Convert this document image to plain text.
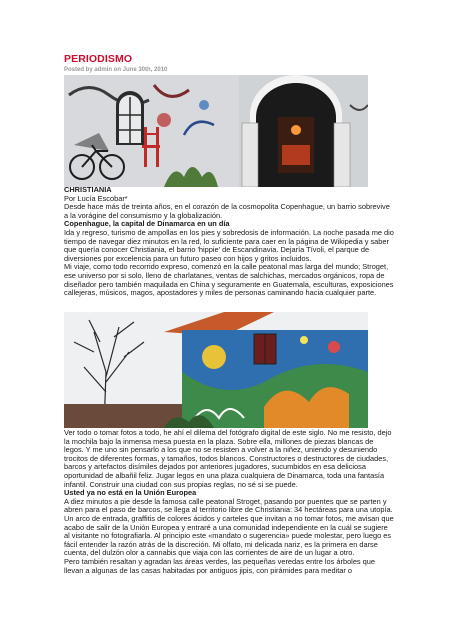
PERIODISMO
Posted by admin on June 30th, 2010

CHRISTIANIA

Por Lucía Escobar*

Desde hace más de treinta años, en el corazón de la cosmopolita Copenhague, un barrio sobrevive a la vorágine del consumismo y la globalización.

Copenhague, la capital de Dinamarca en un día

Ida y regreso, turismo de ampollas en los pies y sobredosis de información. La noche pasada me dio tiempo de navegar diez minutos en la red, lo suficiente para caer en la página de Wikipedia y saber que quería conocer Christiania, el barrio 'hippie' de Escandinavia. Dejaría Tívoli, el parque de diversiones por excelencia para un futuro paseo con hijos y gritos incluidos.

Mi viaje, como todo recorrido expreso, comenzó en la calle peatonal mas larga del mundo; Stroget, ese universo por si solo, lleno de charlatanes, ventas de salchichas, mercados orgánicos, ropa de diseñador pero también maquilada en China y seguramente en Guatemala, esculturas, exposiciones callejeras, músicos, magos, apostadores y miles de personas caminando hacia cualquier parte.

Ver todo o tomar fotos a todo, he ahí el dilema del fotógrafo digital de este siglo. No me resisto, dejo la mochila bajo la inmensa mesa puesta en la plaza. Sobre ella, millones de piezas blancas de legos. Y me uno sin pensarlo a los que no se resisten a volver a la niñez, uniendo y desuniendo trocitos de diferentes formas, y tamaños, todos blancos. Constructores o destructores de ciudades, barcos y artefactos disímiles dejados por anteriores jugadores, sucumbidos en esa deliciosa oportunidad de albañil feliz. Jugar legos en una plaza cualquiera de Dinamarca, toda una fantasía infantil. Construir una ciudad con sus propias reglas, no sé si se puede.

Usted ya no está en la Unión Europea

A diez minutos a pie desde la famosa calle peatonal Stroget, pasando por puentes que se parten y abren para el paso de barcos, se llega al territorio libre de Christiania: 34 hectáreas para una utopía. Un arco de entrada, graffitis de colores ácidos y carteles que invitan a no tomar fotos, me avisan que acabo de salir de la Unión Europea y entraré a una comunidad independiente en la cuál se sugiere al visitante no fotografiarla. Al principio este «mandato o sugerencia» puede molestar, pero luego es fácil entender la razón atrás de la discreción. Mi olfato, mi delicada nariz, es la primera en darse cuenta, del dulzón olor a cannabis que viaja con las corrientes de aire de un lugar a otro.

Pero también resaltan y agradan las áreas verdes, las pequeñas veredas entre los árboles que llevan a algunas de las casas habitadas por antiguos jipis, con pirámides para meditar o
